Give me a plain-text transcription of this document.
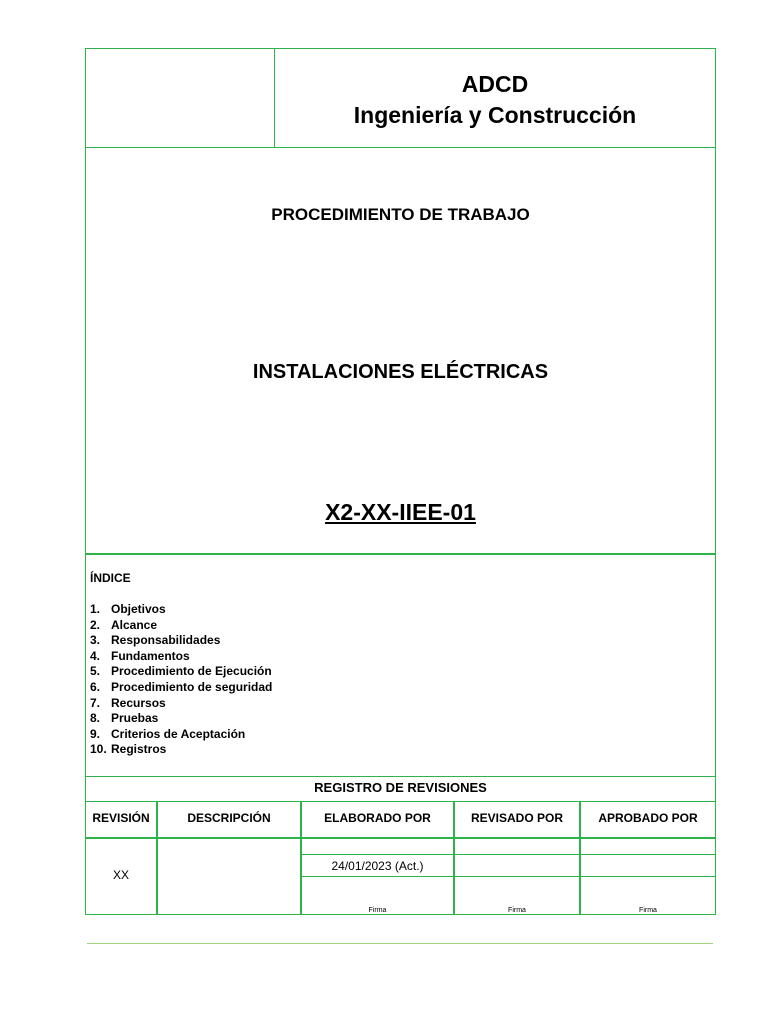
ADCD
Ingeniería y Construcción
PROCEDIMIENTO DE TRABAJO
INSTALACIONES ELÉCTRICAS
X2-XX-IIEE-01
ÍNDICE
1. Objetivos
2. Alcance
3. Responsabilidades
4. Fundamentos
5. Procedimiento de Ejecución
6. Procedimiento de seguridad
7. Recursos
8. Pruebas
9. Criterios de Aceptación
10. Registros
REGISTRO DE REVISIONES
REVISIÓN
XX
DESCRIPCIÓN	ELABORADO POR
24/01/2023 (Act.)
Firma
REVISADO POR
Firma
APROBADO POR
Firma
